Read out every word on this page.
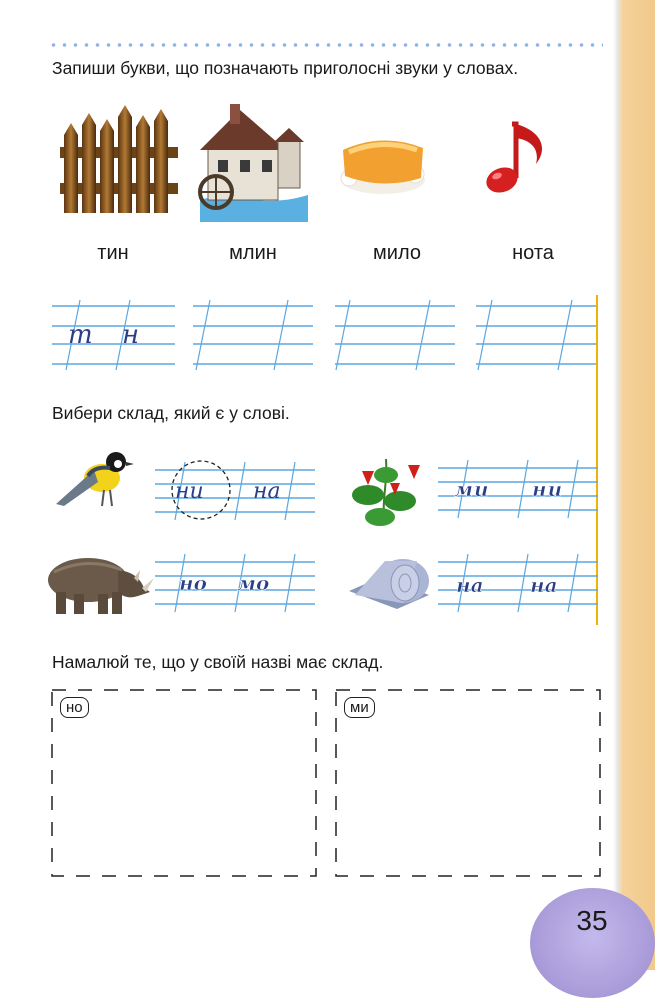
Запиши букви, що позначають приголосні звуки у словах.
тин	млин	мило	нота
т н
Вибери склад, який є у слові.
ни на	ми ни
но мо	на на
Намалюй те, що у своїй назві має склад.
но	ми
35
